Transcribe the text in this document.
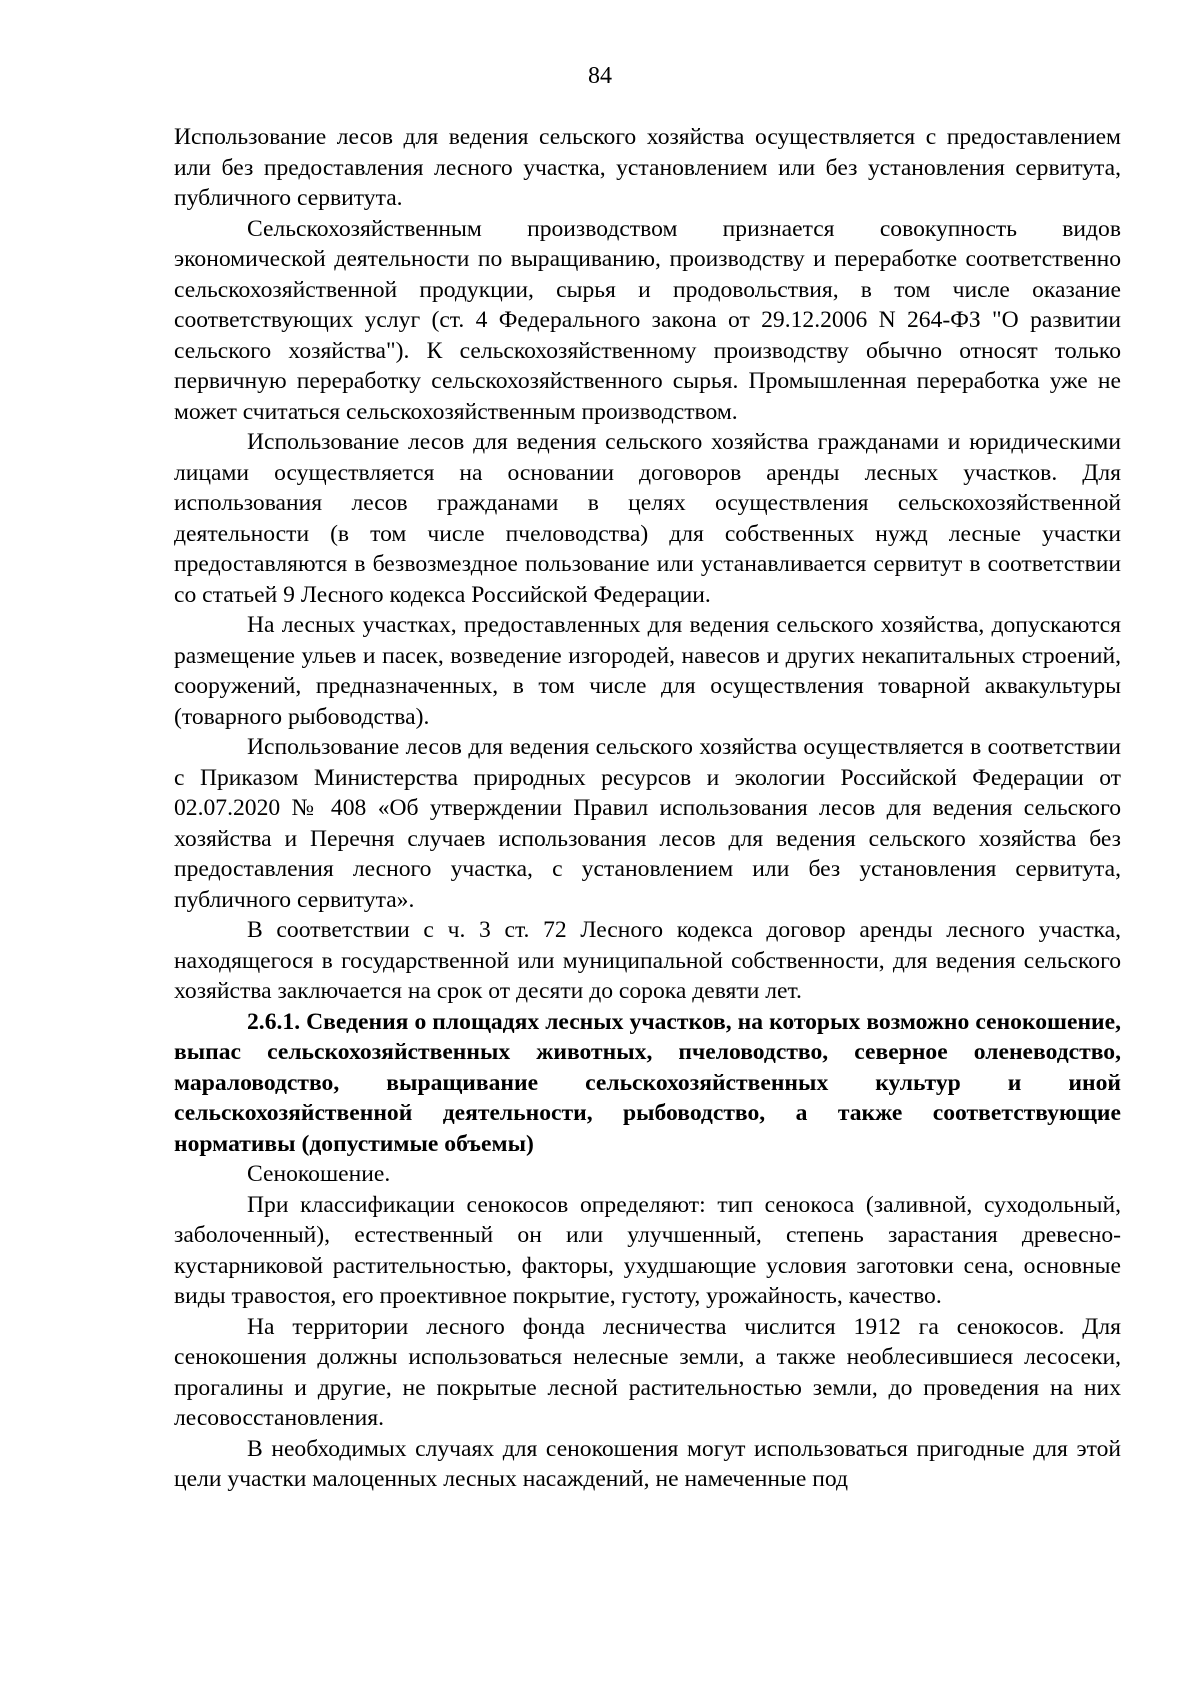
84

Использование лесов для ведения сельского хозяйства осуществляется с предоставлением или без предоставления лесного участка, установлением или без установления сервитута, публичного сервитута.

Сельскохозяйственным производством признается совокупность видов экономической деятельности по выращиванию, производству и переработке соответственно сельскохозяйственной продукции, сырья и продовольствия, в том числе оказание соответствующих услуг (ст. 4 Федерального закона от 29.12.2006 N 264-ФЗ "О развитии сельского хозяйства"). К сельскохозяйственному производству обычно относят только первичную переработку сельскохозяйственного сырья. Промышленная переработка уже не может считаться сельскохозяйственным производством.

Использование лесов для ведения сельского хозяйства гражданами и юридическими лицами осуществляется на основании договоров аренды лесных участков. Для использования лесов гражданами в целях осуществления сельскохозяйственной деятельности (в том числе пчеловодства) для собственных нужд лесные участки предоставляются в безвозмездное пользование или устанавливается сервитут в соответствии со статьей 9 Лесного кодекса Российской Федерации.

На лесных участках, предоставленных для ведения сельского хозяйства, допускаются размещение ульев и пасек, возведение изгородей, навесов и других некапитальных строений, сооружений, предназначенных, в том числе для осуществления товарной аквакультуры (товарного рыбоводства).

Использование лесов для ведения сельского хозяйства осуществляется в соответствии с Приказом Министерства природных ресурсов и экологии Российской Федерации от 02.07.2020 № 408 «Об утверждении Правил использования лесов для ведения сельского хозяйства и Перечня случаев использования лесов для ведения сельского хозяйства без предоставления лесного участка, с установлением или без установления сервитута, публичного сервитута».

В соответствии с ч. 3 ст. 72 Лесного кодекса договор аренды лесного участка, находящегося в государственной или муниципальной собственности, для ведения сельского хозяйства заключается на срок от десяти до сорока девяти лет.

2.6.1. Сведения о площадях лесных участков, на которых возможно сенокошение, выпас сельскохозяйственных животных, пчеловодство, северное оленеводство, мараловодство, выращивание сельскохозяйственных культур и иной сельскохозяйственной деятельности, рыбоводство, а также соответствующие нормативы (допустимые объемы)

Сенокошение.

При классификации сенокосов определяют: тип сенокоса (заливной, суходольный, заболоченный), естественный он или улучшенный, степень зарастания древесно-кустарниковой растительностью, факторы, ухудшающие условия заготовки сена, основные виды травостоя, его проективное покрытие, густоту, урожайность, качество.

На территории лесного фонда лесничества числится 1912 га сенокосов. Для сенокошения должны использоваться нелесные земли, а также необлесившиеся лесосеки, прогалины и другие, не покрытые лесной растительностью земли, до проведения на них лесовосстановления.

В необходимых случаях для сенокошения могут использоваться пригодные для этой цели участки малоценных лесных насаждений, не намеченные под
